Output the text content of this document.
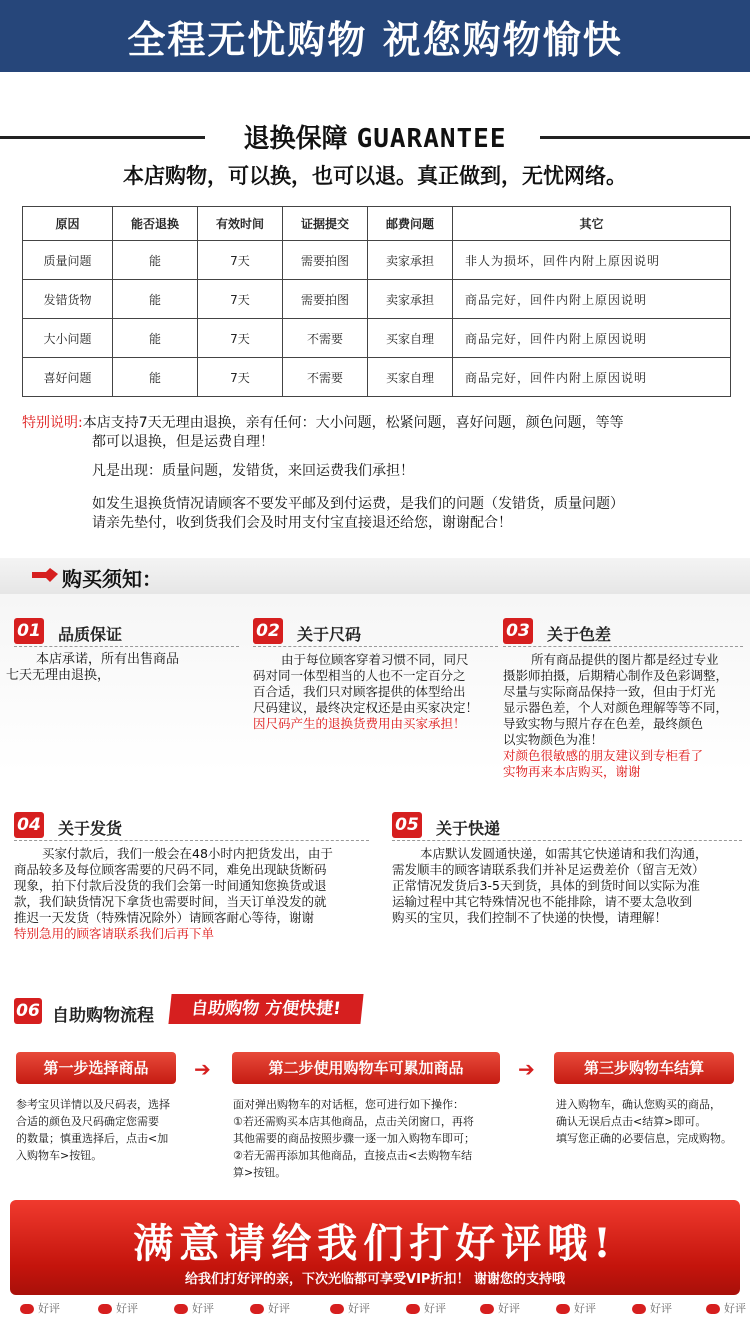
全程无忧购物 祝您购物愉快
退换保障 GUARANTEE
本店购物，可以换，也可以退。真正做到，无忧网络。
原因	能否退换	有效时间	证据提交	邮费问题	其它
质量问题	能	7天	需要拍图	卖家承担	非人为损坏，回件内附上原因说明
发错货物	能	7天	需要拍图	卖家承担	商品完好，回件内附上原因说明
大小问题	能	7天	不需要	买家自理	商品完好，回件内附上原因说明
喜好问题	能	7天	不需要	买家自理	商品完好，回件内附上原因说明

特别说明:本店支持7天无理由退换，亲有任何：大小问题，松紧问题，喜好问题，颜色问题，等等

都可以退换，但是运费自理！

凡是出现：质量问题，发错货，来回运费我们承担！

如发生退换货情况请顾客不要发平邮及到付运费，是我们的问题（发错货，质量问题）

请亲先垫付，收到货我们会及时用支付宝直接退还给您，谢谢配合！

购买须知：
01 品质保证
本店承诺，所有出售商品
七天无理由退换，
02 关于尺码
由于每位顾客穿着习惯不同，同尺
码对同一体型相当的人也不一定百分之
百合适，我们只对顾客提供的体型给出
尺码建议，最终决定权还是由买家决定！
因尺码产生的退换货费用由买家承担！
03 关于色差
所有商品提供的图片都是经过专业
摄影师拍摄，后期精心制作及色彩调整，
尽量与实际商品保持一致，但由于灯光
显示器色差，个人对颜色理解等等不同，
导致实物与照片存在色差，最终颜色
以实物颜色为准！
对颜色很敏感的朋友建议到专柜看了
实物再来本店购买，谢谢
04 关于发货
买家付款后，我们一般会在48小时内把货发出，由于
商品较多及每位顾客需要的尺码不同，难免出现缺货断码
现象，拍下付款后没货的我们会第一时间通知您换货或退
款，我们缺货情况下拿货也需要时间，当天订单没发的就
推迟一天发货（特殊情况除外）请顾客耐心等待，谢谢
特别急用的顾客请联系我们后再下单
05 关于快递
本店默认发圆通快递，如需其它快递请和我们沟通，
需发顺丰的顾客请联系我们并补足运费差价（留言无效）
正常情况发货后3-5天到货，具体的到货时间以实际为准
运输过程中其它特殊情况也不能排除，请不要太急收到
购买的宝贝，我们控制不了快递的快慢，请理解！
06 自助购物流程	自助购物 方便快捷!
第一步选择商品	➔	第二步使用购物车可累加商品	➔	第三步购物车结算
参考宝贝详情以及尺码表，选择
合适的颜色及尺码确定您需要
的数量；慎重选择后，点击<加
入购物车>按钮。
面对弹出购物车的对话框，您可进行如下操作：
①若还需购买本店其他商品，点击关闭窗口，再将
其他需要的商品按照步骤一逐一加入购物车即可；
②若无需再添加其他商品，直接点击<去购物车结
算>按钮。
进入购物车，确认您购买的商品，
确认无误后点击<结算>即可。
填写您正确的必要信息，完成购物。
满意请给我们打好评哦!
给我们打好评的亲，下次光临都可享受VIP折扣！ 谢谢您的支持哦
好评	好评	好评	好评	好评	好评	好评	好评	好评	好评
